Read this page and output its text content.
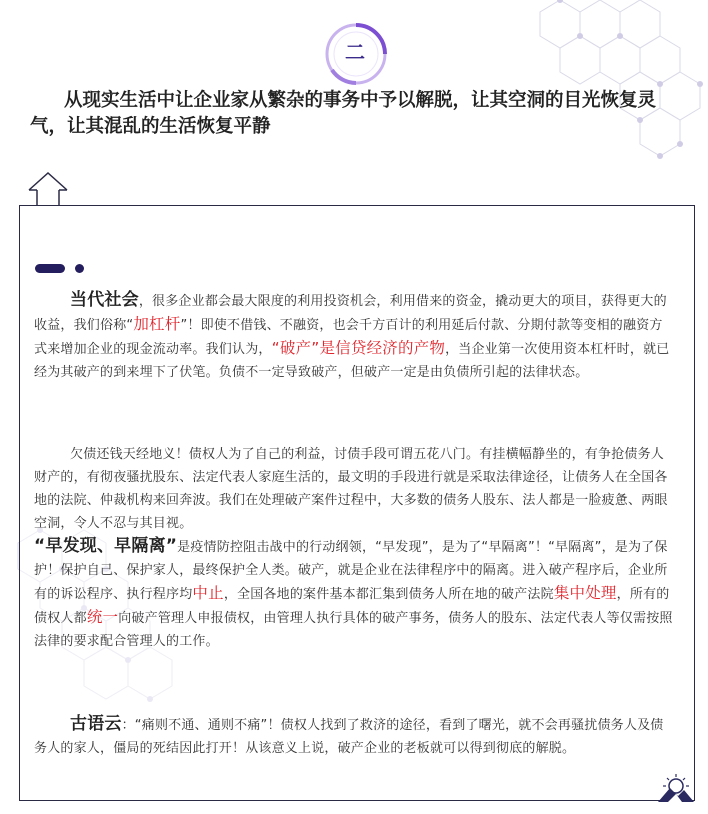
二

从现实生活中让企业家从繁杂的事务中予以解脱，让其空洞的目光恢复灵气，让其混乱的生活恢复平静

当代社会，很多企业都会最大限度的利用投资机会，利用借来的资金，撬动更大的项目，获得更大的收益，我们俗称“加杠杆”！即使不借钱、不融资，也会千方百计的利用延后付款、分期付款等变相的融资方式来增加企业的现金流动率。我们认为，“破产”是信贷经济的产物，当企业第一次使用资本杠杆时，就已经为其破产的到来埋下了伏笔。负债不一定导致破产，但破产一定是由负债所引起的法律状态。

欠债还钱天经地义！债权人为了自己的利益，讨债手段可谓五花八门。有挂横幅静坐的，有争抢债务人财产的，有彻夜骚扰股东、法定代表人家庭生活的，最文明的手段进行就是采取法律途径，让债务人在全国各地的法院、仲裁机构来回奔波。我们在处理破产案件过程中，大多数的债务人股东、法人都是一脸疲惫、两眼空洞，令人不忍与其目视。
“早发现、早隔离”是疫情防控阻击战中的行动纲领，“早发现”，是为了“早隔离”！“早隔离”，是为了保护！保护自己、保护家人，最终保护全人类。破产，就是企业在法律程序中的隔离。进入破产程序后，企业所有的诉讼程序、执行程序均中止，全国各地的案件基本都汇集到债务人所在地的破产法院集中处理，所有的债权人都统一向破产管理人申报债权，由管理人执行具体的破产事务，债务人的股东、法定代表人等仅需按照法律的要求配合管理人的工作。

古语云：“痛则不通、通则不痛”！债权人找到了救济的途径，看到了曙光，就不会再骚扰债务人及债务人的家人，僵局的死结因此打开！从该意义上说，破产企业的老板就可以得到彻底的解脱。
